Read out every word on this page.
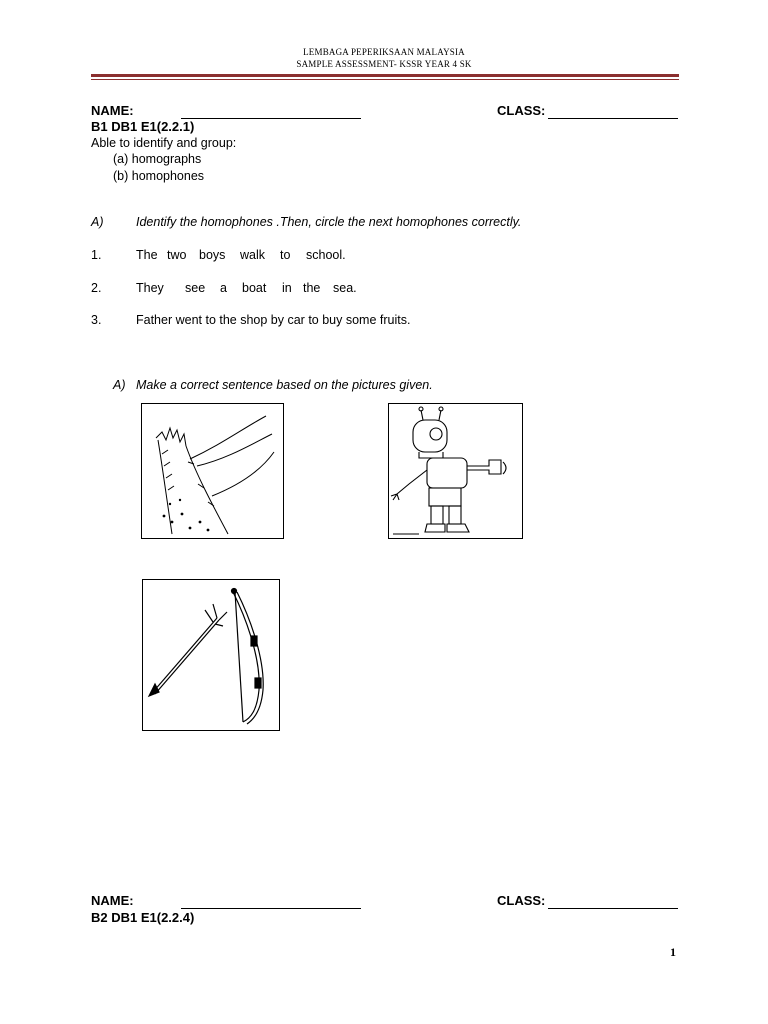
LEMBAGA PEPERIKSAAN MALAYSIA
SAMPLE ASSESSMENT- KSSR YEAR 4 SK
NAME:	CLASS:
B1 DB1 E1(2.2.1)
Able to identify and group:
(a) homographs
(b) homophones
A)	Identify the homophones .Then, circle the next homophones correctly.
1.	The two boys walk to school.
2.	They see a boat in the sea.
3.	Father went to the shop by car to buy some fruits.
A) Make a correct sentence based on the pictures given.
NAME:	CLASS:
B2 DB1 E1(2.2.4)
1
